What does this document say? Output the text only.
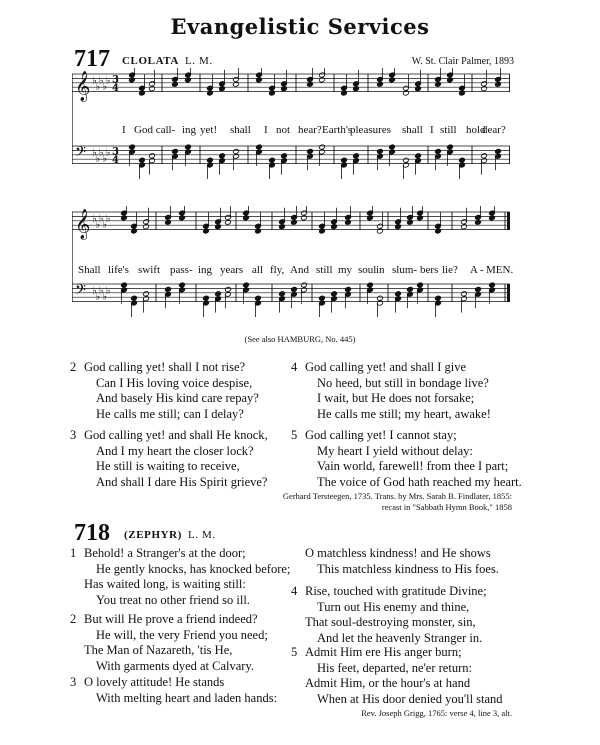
Evangelistic Services
717 CLOLATA L. M.	W. St. Clair Palmer, 1893
𝄞 ♭
♭
♭
♭
♭ 3
4
𝄢 ♭
♭
♭
♭
♭ 3
4
I God call- ing yet! shall I not hear? Earth's
pleasures shall I still hold
dear?
𝄞 ♭
♭
♭
♭
♭
𝄢 ♭
♭
♭
♭
♭
Shall life's swift pass- ing years all fly, And still my soul in slum- bers lie? A - MEN.
(See also HAMBURG, No. 445)
2 God calling yet! shall I not rise?
Can I His loving voice despise,
And basely His kind care repay?
He calls me still; can I delay?
3 God calling yet! and shall He knock,
And I my heart the closer lock?
He still is waiting to receive,
And shall I dare His Spirit grieve?
4 God calling yet! and shall I give
No heed, but still in bondage live?
I wait, but He does not forsake;
He calls me still; my heart, awake!
5 God calling yet! I cannot stay;
My heart I yield without delay:
Vain world, farewell! from thee I part;
The voice of God hath reached my heart.
Gerhard Tersteegen, 1735. Trans. by Mrs. Sarah B. Findlater, 1855:
recast in "Sabbath Hymn Book," 1858
718 (ZEPHYR) L. M.
1 Behold! a Stranger's at the door;
He gently knocks, has knocked before;
Has waited long, is waiting still:
You treat no other friend so ill.
2 But will He prove a friend indeed?
He will, the very Friend you need;
The Man of Nazareth, 'tis He,
With garments dyed at Calvary.
3 O lovely attitude! He stands
With melting heart and laden hands:
O matchless kindness! and He shows
This matchless kindness to His foes.
4 Rise, touched with gratitude Divine;
Turn out His enemy and thine,
That soul-destroying monster, sin,
And let the heavenly Stranger in.
5 Admit Him ere His anger burn;
His feet, departed, ne'er return:
Admit Him, or the hour's at hand
When at His door denied you'll stand
Rev. Joseph Grigg, 1765: verse 4, line 3, alt.
